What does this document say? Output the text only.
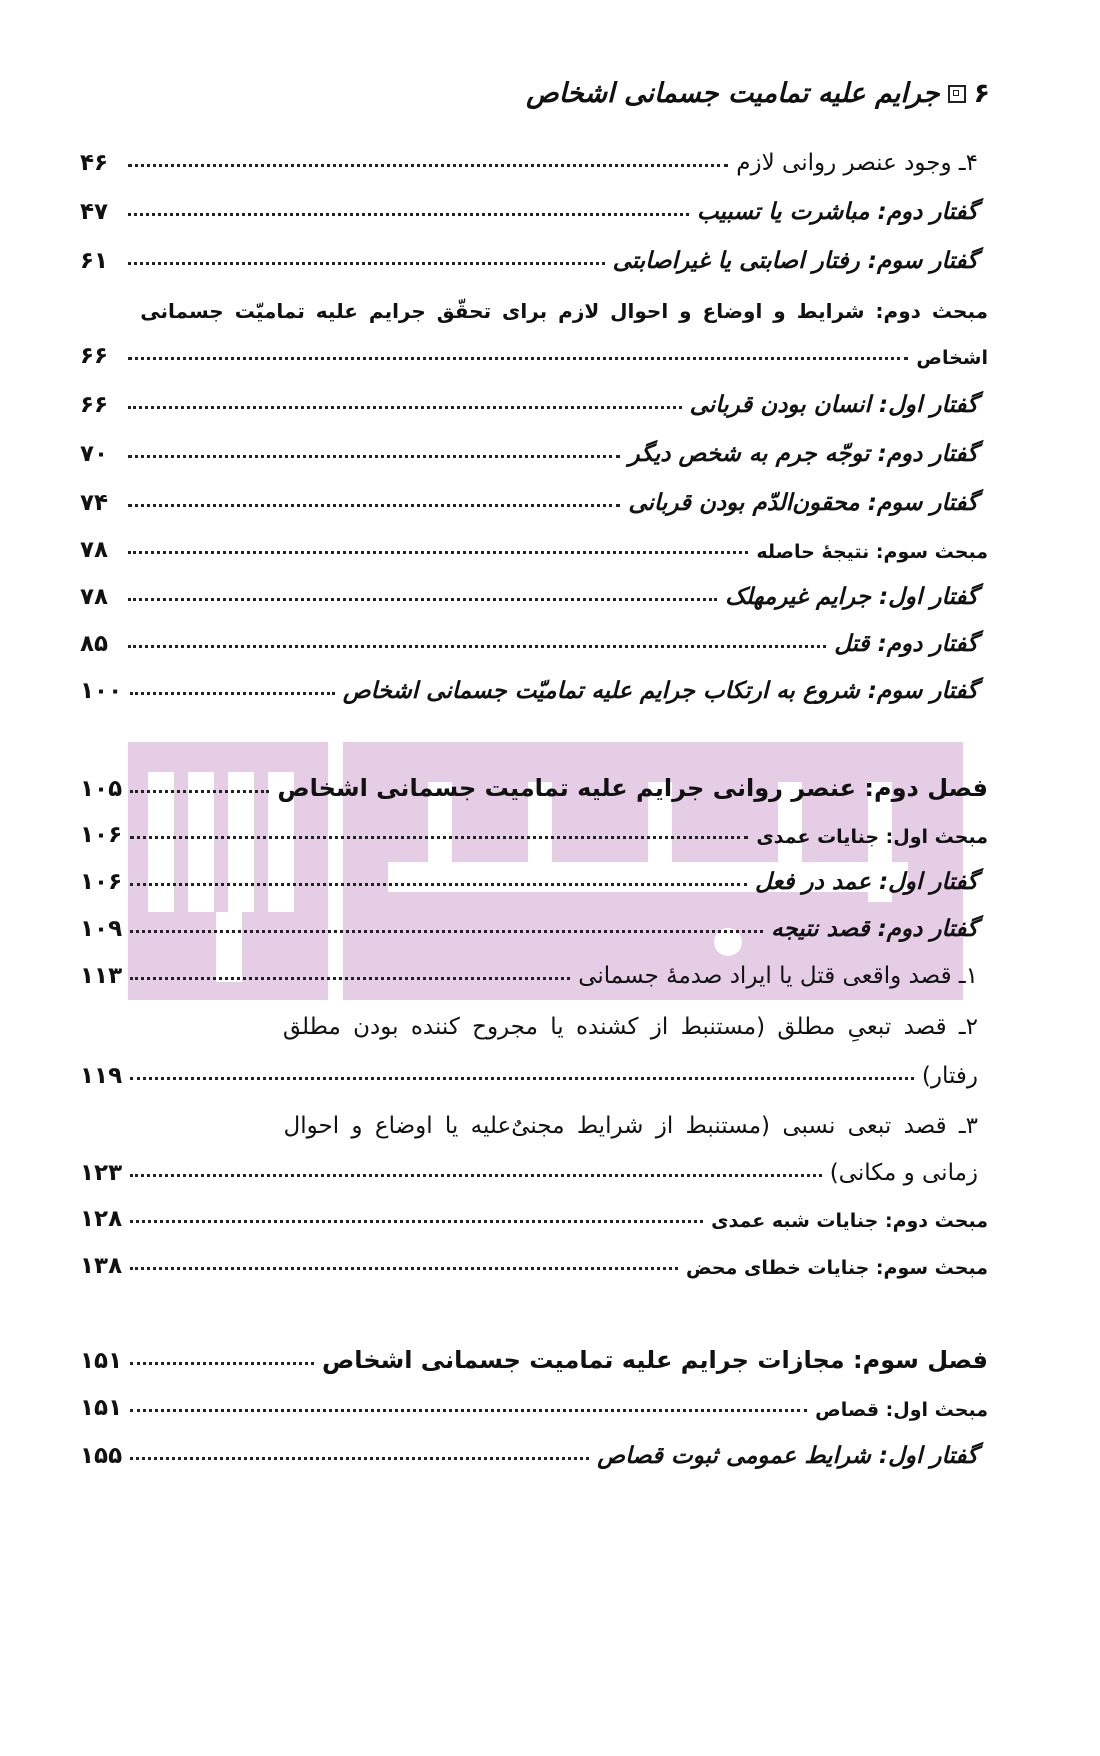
۶
جرایم علیه تمامیت جسمانی اشخاص
۴ـ وجود عنصر روانی لازم
۴۶
گفتار دوم: مباشرت یا تسبیب
۴۷
گفتار سوم: رفتار اصابتی یا غیراصابتی
۶۱
مبحث دوم: شرایط و اوضاع و احوال لازم برای تحقّق جرایم علیه تمامیّت جسمانی
اشخاص
۶۶
گفتار اول: انسان بودن قربانی
۶۶
گفتار دوم: توجّه جرم به شخص دیگر
۷۰
گفتار سوم: محقون‌الدّم بودن قربانی
۷۴
مبحث سوم: نتیجهٔ حاصله
۷۸
گفتار اول: جرایم غیرمهلک
۷۸
گفتار دوم: قتل
۸۵
گفتار سوم: شروع به ارتکاب جرایم علیه تمامیّت جسمانی اشخاص
۱۰۰
فصل دوم: عنصر روانی جرایم علیه تمامیت جسمانی اشخاص
۱۰۵
مبحث اول: جنایات عمدی
۱۰۶
گفتار اول: عمد در فعل
۱۰۶
گفتار دوم: قصد نتیجه
۱۰۹
۱ـ قصد واقعی قتل یا ایراد صدمهٔ جسمانی
۱۱۳
۲ـ قصد تبعیِ مطلق (مستنبط از کشنده یا مجروح کننده بودن مطلق
رفتار)
۱۱۹
۳ـ قصد تبعی نسبی (مستنبط از شرایط مجنیٌ‌علیه یا اوضاع و احوال
زمانی و مکانی)
۱۲۳
مبحث دوم: جنایات شبه عمدی
۱۲۸
مبحث سوم: جنایات خطای محض
۱۳۸
فصل سوم: مجازات جرایم علیه تمامیت جسمانی اشخاص
۱۵۱
مبحث اول: قصاص
۱۵۱
گفتار اول: شرایط عمومی ثبوت قصاص
۱۵۵
